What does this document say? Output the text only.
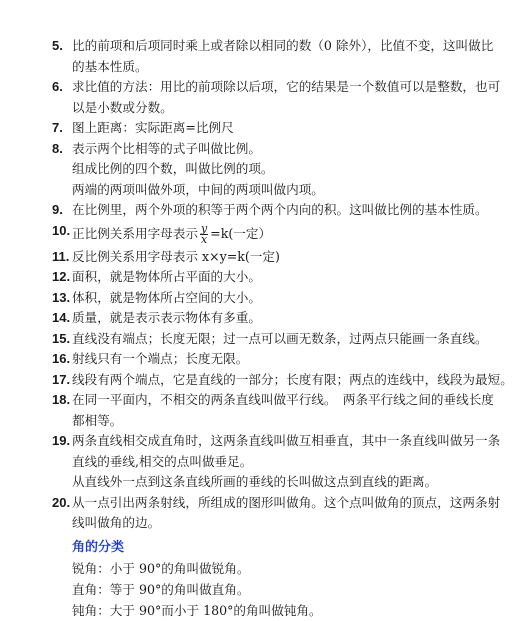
5. 比的前项和后项同时乘上或者除以相同的数（0 除外），比值不变，这叫做比
的基本性质。
6. 求比值的方法：用比的前项除以后项，它的结果是一个数值可以是整数，也可
以是小数或分数。
7. 图上距离：实际距离=比例尺
8. 表示两个比相等的式子叫做比例。
组成比例的四个数，叫做比例的项。
两端的两项叫做外项，中间的两项叫做内项。
9. 在比例里，两个外项的积等于两个两个内向的积。这叫做比例的基本性质。
10. 正比例关系用字母表示 $\frac{y}{x} =k$(一定）
11. 反比例关系用字母表示 x×y=k(一定)
12. 面积，就是物体所占平面的大小。
13. 体积，就是物体所占空间的大小。
14. 质量，就是表示表示物体有多重。
15. 直线没有端点；长度无限；过一点可以画无数条，过两点只能画一条直线。
16. 射线只有一个端点；长度无限。
17. 线段有两个端点，它是直线的一部分；长度有限；两点的连线中，线段为最短。
18. 在同一平面内，不相交的两条直线叫做平行线。　两条平行线之间的垂线长度
都相等。
19. 两条直线相交成直角时，这两条直线叫做互相垂直，其中一条直线叫做另一条
直线的垂线,相交的点叫做垂足。
从直线外一点到这条直线所画的垂线的长叫做这点到直线的距离。
20. 从一点引出两条射线，所组成的图形叫做角。这个点叫做角的顶点，这两条射
线叫做角的边。
角的分类
锐角：小于 90°的角叫做锐角。
直角：等于 90°的角叫做直角。
钝角：大于 90°而小于 180°的角叫做钝角。
